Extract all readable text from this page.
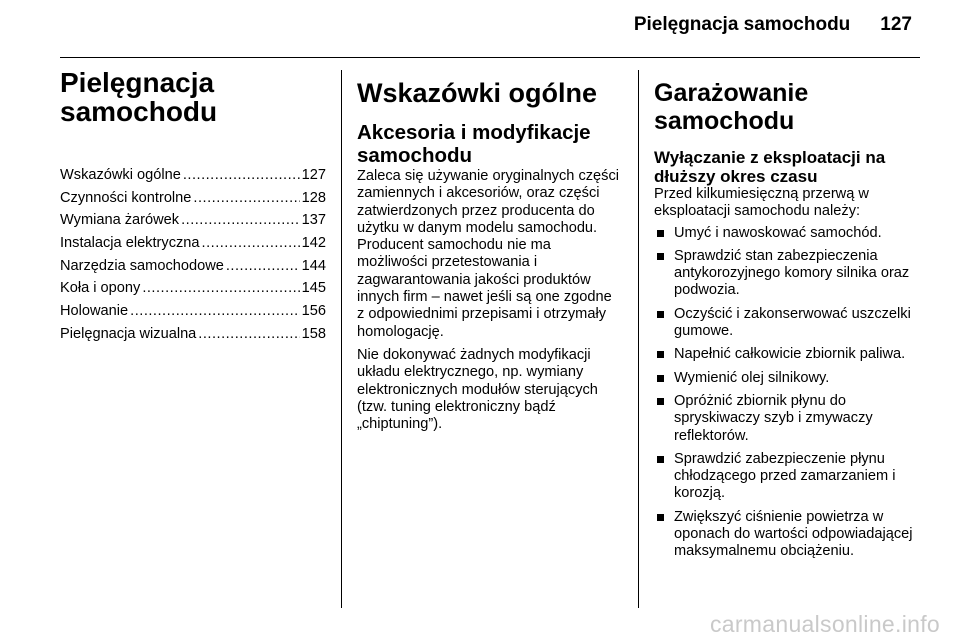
Pielęgnacja samochodu 127
Pielęgnacja samochodu
Wskazówki ogólne .....	127
Czynności kontrolne .....	128
Wymiana żarówek .....	137
Instalacja elektryczna .....	142
Narzędzia samochodowe .....	144
Koła i opony .....	145
Holowanie .....	156
Pielęgnacja wizualna .....	158
Wskazówki ogólne
Akcesoria i modyfikacje samochodu

Zaleca się używanie oryginalnych części zamiennych i akcesoriów, oraz części zatwierdzonych przez producenta do użytku w danym modelu samochodu. Producent samochodu nie ma możliwości przetestowania i zagwarantowania jakości produktów innych firm – nawet jeśli są one zgodne z odpowiednimi przepisami i otrzymały homologację.

Nie dokonywać żadnych modyfikacji układu elektrycznego, np. wymiany elektronicznych modułów sterujących (tzw. tuning elektroniczny bądź „chiptuning”).

Garażowanie samochodu
Wyłączanie z eksploatacji na dłuższy okres czasu

Przed kilkumiesięczną przerwą w eksploatacji samochodu należy:

Umyć i nawoskować samochód.
Sprawdzić stan zabezpieczenia antykorozyjnego komory silnika oraz podwozia.
Oczyścić i zakonserwować uszczelki gumowe.
Napełnić całkowicie zbiornik paliwa.
Wymienić olej silnikowy.
Opróżnić zbiornik płynu do spryskiwaczy szyb i zmywaczy reflektorów.
Sprawdzić zabezpieczenie płynu chłodzącego przed zamarzaniem i korozją.
Zwiększyć ciśnienie powietrza w oponach do wartości odpowiadającej maksymalnemu obciążeniu.
carmanualsonline.info
